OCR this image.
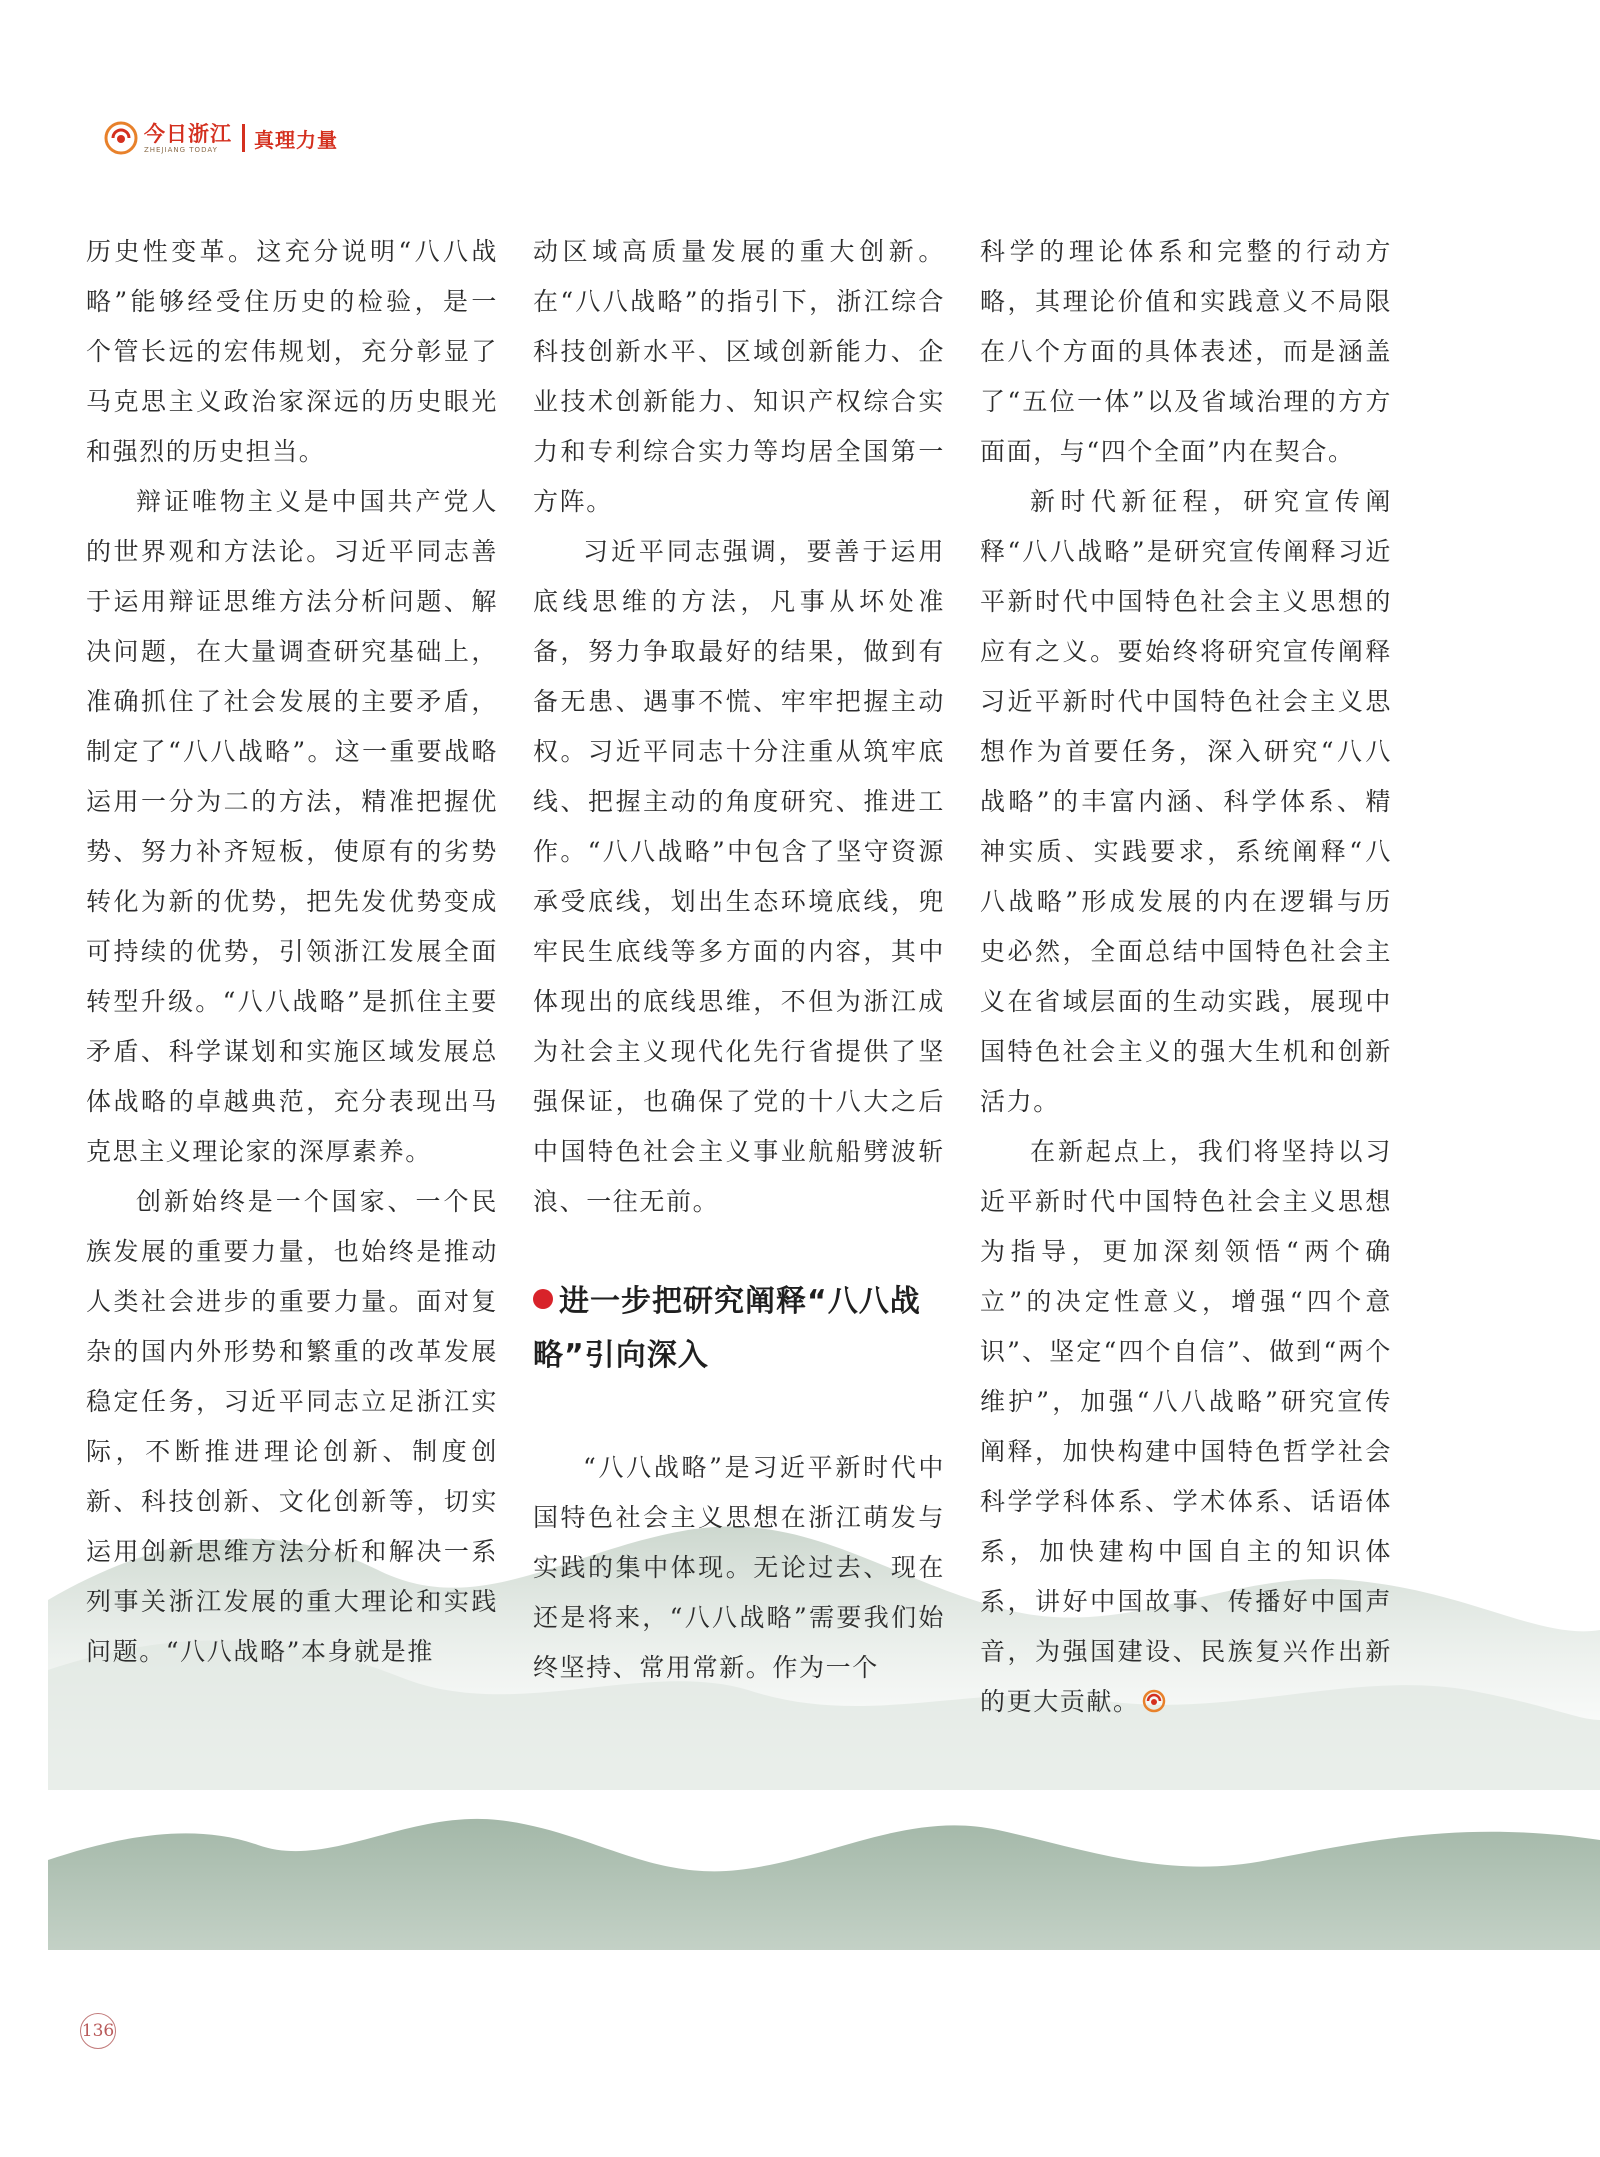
今日浙江
ZHEJIANG TODAY	真理力量

历史性变革。这充分说明“八八战略”能够经受住历史的检验，是一个管长远的宏伟规划，充分彰显了马克思主义政治家深远的历史眼光和强烈的历史担当。

辩证唯物主义是中国共产党人的世界观和方法论。习近平同志善于运用辩证思维方法分析问题、解决问题，在大量调查研究基础上，准确抓住了社会发展的主要矛盾，制定了“八八战略”。这一重要战略运用一分为二的方法，精准把握优势、努力补齐短板，使原有的劣势转化为新的优势，把先发优势变成可持续的优势，引领浙江发展全面转型升级。“八八战略”是抓住主要矛盾、科学谋划和实施区域发展总体战略的卓越典范，充分表现出马克思主义理论家的深厚素养。

创新始终是一个国家、一个民族发展的重要力量，也始终是推动人类社会进步的重要力量。面对复杂的国内外形势和繁重的改革发展稳定任务，习近平同志立足浙江实际，不断推进理论创新、制度创新、科技创新、文化创新等，切实运用创新思维方法分析和解决一系列事关浙江发展的重大理论和实践问题。“八八战略”本身就是推

动区域高质量发展的重大创新。在“八八战略”的指引下，浙江综合科技创新水平、区域创新能力、企业技术创新能力、知识产权综合实力和专利综合实力等均居全国第一方阵。

习近平同志强调，要善于运用底线思维的方法，凡事从坏处准备，努力争取最好的结果，做到有备无患、遇事不慌、牢牢把握主动权。习近平同志十分注重从筑牢底线、把握主动的角度研究、推进工作。“八八战略”中包含了坚守资源承受底线，划出生态环境底线，兜牢民生底线等多方面的内容，其中体现出的底线思维，不但为浙江成为社会主义现代化先行省提供了坚强保证，也确保了党的十八大之后中国特色社会主义事业航船劈波斩浪、一往无前。

进一步把研究阐释“八八战略”引向深入

“八八战略”是习近平新时代中国特色社会主义思想在浙江萌发与实践的集中体现。无论过去、现在还是将来，“八八战略”需要我们始终坚持、常用常新。作为一个

科学的理论体系和完整的行动方略，其理论价值和实践意义不局限在八个方面的具体表述，而是涵盖了“五位一体”以及省域治理的方方面面，与“四个全面”内在契合。

新时代新征程，研究宣传阐释“八八战略”是研究宣传阐释习近平新时代中国特色社会主义思想的应有之义。要始终将研究宣传阐释习近平新时代中国特色社会主义思想作为首要任务，深入研究“八八战略”的丰富内涵、科学体系、精神实质、实践要求，系统阐释“八八战略”形成发展的内在逻辑与历史必然，全面总结中国特色社会主义在省域层面的生动实践，展现中国特色社会主义的强大生机和创新活力。

在新起点上，我们将坚持以习近平新时代中国特色社会主义思想为指导，更加深刻领悟“两个确立”的决定性意义，增强“四个意识”、坚定“四个自信”、做到“两个维护”，加强“八八战略”研究宣传阐释，加快构建中国特色哲学社会科学学科体系、学术体系、话语体系，加快建构中国自主的知识体系，讲好中国故事、传播好中国声音，为强国建设、民族复兴作出新的更大贡献。

136
